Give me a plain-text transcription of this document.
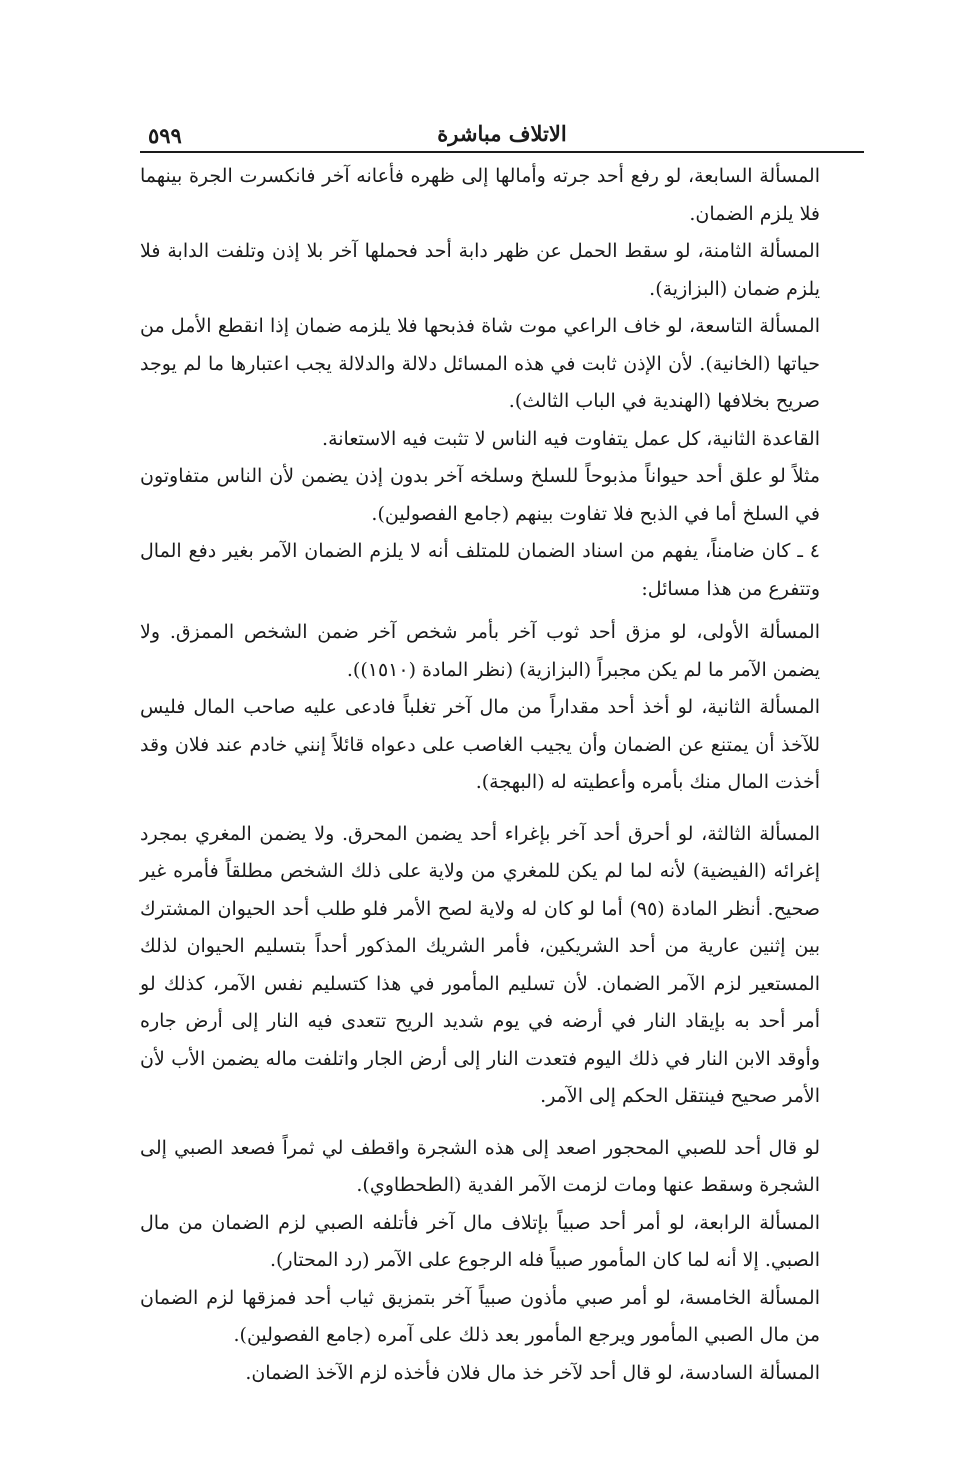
٥٩٩	الاتلاف مباشرة

المسألة السابعة، لو رفع أحد جرته وأمالها إلى ظهره فأعانه آخر فانكسرت الجرة بينهما فلا يلزم الضمان.

المسألة الثامنة، لو سقط الحمل عن ظهر دابة أحد فحملها آخر بلا إذن وتلفت الدابة فلا يلزم ضمان (البزازية).

المسألة التاسعة، لو خاف الراعي موت شاة فذبحها فلا يلزمه ضمان إذا انقطع الأمل من حياتها (الخانية). لأن الإذن ثابت في هذه المسائل دلالة والدلالة يجب اعتبارها ما لم يوجد صريح بخلافها (الهندية في الباب الثالث).

القاعدة الثانية، كل عمل يتفاوت فيه الناس لا تثبت فيه الاستعانة.

مثلاً لو علق أحد حيواناً مذبوحاً للسلخ وسلخه آخر بدون إذن يضمن لأن الناس متفاوتون في السلخ أما في الذبح فلا تفاوت بينهم (جامع الفصولين).

٤ ـ كان ضامناً، يفهم من اسناد الضمان للمتلف أنه لا يلزم الضمان الآمر بغير دفع المال وتتفرع من هذا مسائل:

المسألة الأولى، لو مزق أحد ثوب آخر بأمر شخص آخر ضمن الشخص الممزق. ولا يضمن الآمر ما لم يكن مجبراً (البزازية) (نظر المادة (١٥١٠)).

المسألة الثانية، لو أخذ أحد مقداراً من مال آخر تغلباً فادعى عليه صاحب المال فليس للآخذ أن يمتنع عن الضمان وأن يجيب الغاصب على دعواه قائلاً إنني خادم عند فلان وقد أخذت المال منك بأمره وأعطيته له (البهجة).

المسألة الثالثة، لو أحرق أحد آخر بإغراء أحد يضمن المحرق. ولا يضمن المغري بمجرد إغرائه (الفيضية) لأنه لما لم يكن للمغري من ولاية على ذلك الشخص مطلقاً فأمره غير صحيح. أنظر المادة (٩٥) أما لو كان له ولاية لصح الأمر فلو طلب أحد الحيوان المشترك بين إثنين عارية من أحد الشريكين، فأمر الشريك المذكور أحداً بتسليم الحيوان لذلك المستعير لزم الآمر الضمان. لأن تسليم المأمور في هذا كتسليم نفس الآمر، كذلك لو أمر أحد به بإيقاد النار في أرضه في يوم شديد الريح تتعدى فيه النار إلى أرض جاره وأوقد الابن النار في ذلك اليوم فتعدت النار إلى أرض الجار واتلفت ماله يضمن الأب لأن الأمر صحيح فينتقل الحكم إلى الآمر.

لو قال أحد للصبي المحجور اصعد إلى هذه الشجرة واقطف لي ثمراً فصعد الصبي إلى الشجرة وسقط عنها ومات لزمت الآمر الفدية (الطحطاوي).

المسألة الرابعة، لو أمر أحد صبياً بإتلاف مال آخر فأتلفه الصبي لزم الضمان من مال الصبي. إلا أنه لما كان المأمور صبياً فله الرجوع على الآمر (رد المحتار).

المسألة الخامسة، لو أمر صبي مأذون صبياً آخر بتمزيق ثياب أحد فمزقها لزم الضمان من مال الصبي المأمور ويرجع المأمور بعد ذلك على آمره (جامع الفصولين).

المسألة السادسة، لو قال أحد لآخر خذ مال فلان فأخذه لزم الآخذ الضمان.
